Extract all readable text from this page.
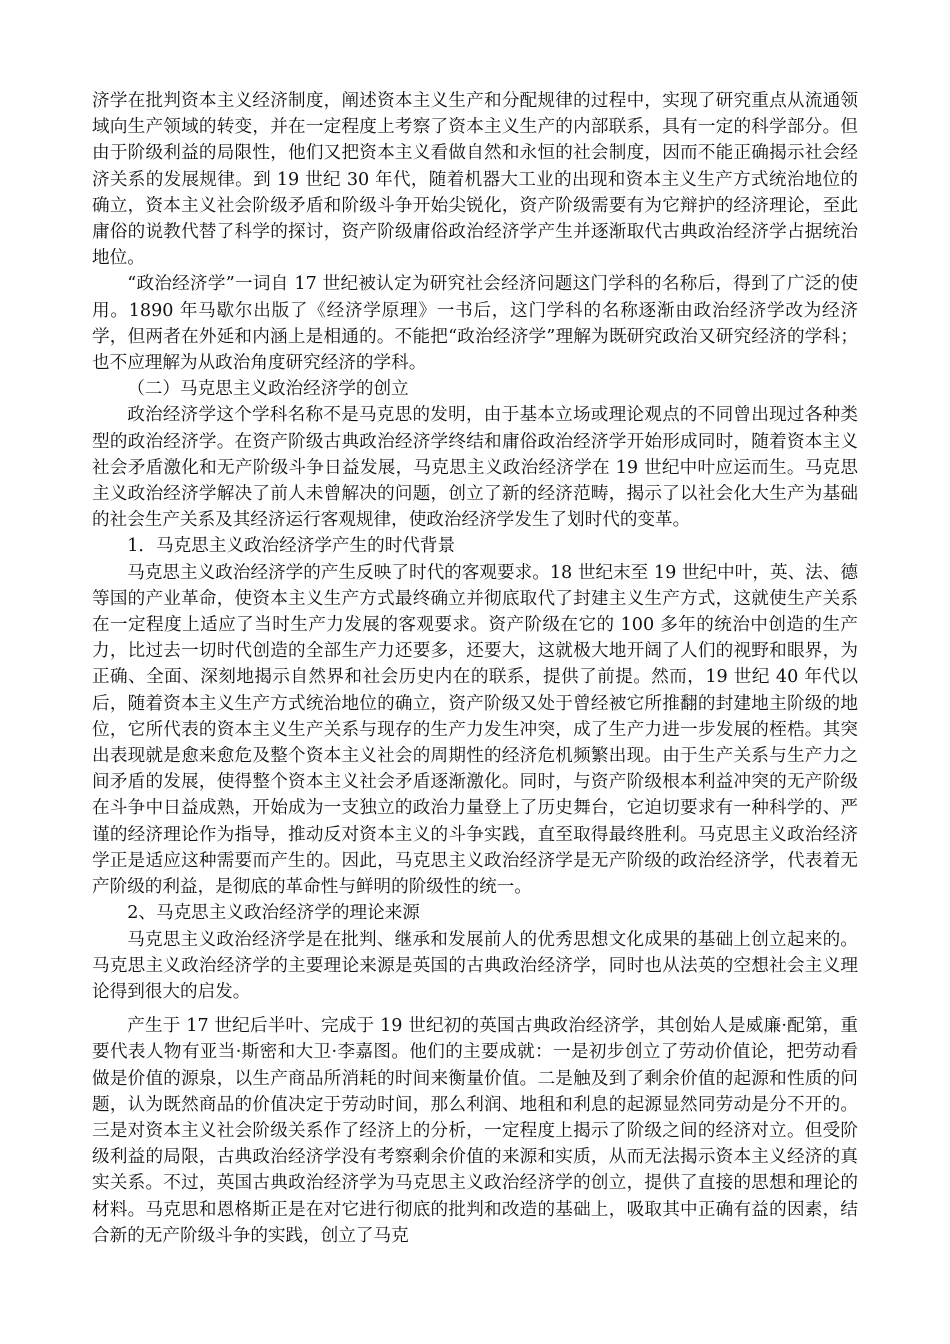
济学在批判资本主义经济制度，阐述资本主义生产和分配规律的过程中，实现了研究重点从流通领域向生产领域的转变，并在一定程度上考察了资本主义生产的内部联系，具有一定的科学部分。但由于阶级利益的局限性，他们又把资本主义看做自然和永恒的社会制度，因而不能正确揭示社会经济关系的发展规律。到 19 世纪 30 年代，随着机器大工业的出现和资本主义生产方式统治地位的确立，资本主义社会阶级矛盾和阶级斗争开始尖锐化，资产阶级需要有为它辩护的经济理论，至此庸俗的说教代替了科学的探讨，资产阶级庸俗政治经济学产生并逐渐取代古典政治经济学占据统治地位。

“政治经济学”一词自 17 世纪被认定为研究社会经济问题这门学科的名称后，得到了广泛的使用。1890 年马歇尔出版了《经济学原理》一书后，这门学科的名称逐渐由政治经济学改为经济学，但两者在外延和内涵上是相通的。不能把“政治经济学”理解为既研究政治又研究经济的学科；也不应理解为从政治角度研究经济的学科。

（二）马克思主义政治经济学的创立

政治经济学这个学科名称不是马克思的发明，由于基本立场或理论观点的不同曾出现过各种类型的政治经济学。在资产阶级古典政治经济学终结和庸俗政治经济学开始形成同时，随着资本主义社会矛盾激化和无产阶级斗争日益发展，马克思主义政治经济学在 19 世纪中叶应运而生。马克思主义政治经济学解决了前人未曾解决的问题，创立了新的经济范畴，揭示了以社会化大生产为基础的社会生产关系及其经济运行客观规律，使政治经济学发生了划时代的变革。

1．马克思主义政治经济学产生的时代背景

马克思主义政治经济学的产生反映了时代的客观要求。18 世纪末至 19 世纪中叶，英、法、德等国的产业革命，使资本主义生产方式最终确立并彻底取代了封建主义生产方式，这就使生产关系在一定程度上适应了当时生产力发展的客观要求。资产阶级在它的 100 多年的统治中创造的生产力，比过去一切时代创造的全部生产力还要多，还要大，这就极大地开阔了人们的视野和眼界，为正确、全面、深刻地揭示自然界和社会历史内在的联系，提供了前提。然而，19 世纪 40 年代以后，随着资本主义生产方式统治地位的确立，资产阶级又处于曾经被它所推翻的封建地主阶级的地位，它所代表的资本主义生产关系与现存的生产力发生冲突，成了生产力进一步发展的桎梏。其突出表现就是愈来愈危及整个资本主义社会的周期性的经济危机频繁出现。由于生产关系与生产力之间矛盾的发展，使得整个资本主义社会矛盾逐渐激化。同时，与资产阶级根本利益冲突的无产阶级在斗争中日益成熟，开始成为一支独立的政治力量登上了历史舞台，它迫切要求有一种科学的、严谨的经济理论作为指导，推动反对资本主义的斗争实践，直至取得最终胜利。马克思主义政治经济学正是适应这种需要而产生的。因此，马克思主义政治经济学是无产阶级的政治经济学，代表着无产阶级的利益，是彻底的革命性与鲜明的阶级性的统一。

2、马克思主义政治经济学的理论来源

马克思主义政治经济学是在批判、继承和发展前人的优秀思想文化成果的基础上创立起来的。马克思主义政治经济学的主要理论来源是英国的古典政治经济学，同时也从法英的空想社会主义理论得到很大的启发。

产生于 17 世纪后半叶、完成于 19 世纪初的英国古典政治经济学，其创始人是威廉·配第，重要代表人物有亚当·斯密和大卫·李嘉图。他们的主要成就：一是初步创立了劳动价值论，把劳动看做是价值的源泉，以生产商品所消耗的时间来衡量价值。二是触及到了剩余价值的起源和性质的问题，认为既然商品的价值决定于劳动时间，那么利润、地租和利息的起源显然同劳动是分不开的。三是对资本主义社会阶级关系作了经济上的分析，一定程度上揭示了阶级之间的经济对立。但受阶级利益的局限，古典政治经济学没有考察剩余价值的来源和实质，从而无法揭示资本主义经济的真实关系。不过，英国古典政治经济学为马克思主义政治经济学的创立，提供了直接的思想和理论的材料。马克思和恩格斯正是在对它进行彻底的批判和改造的基础上，吸取其中正确有益的因素，结合新的无产阶级斗争的实践，创立了马克
